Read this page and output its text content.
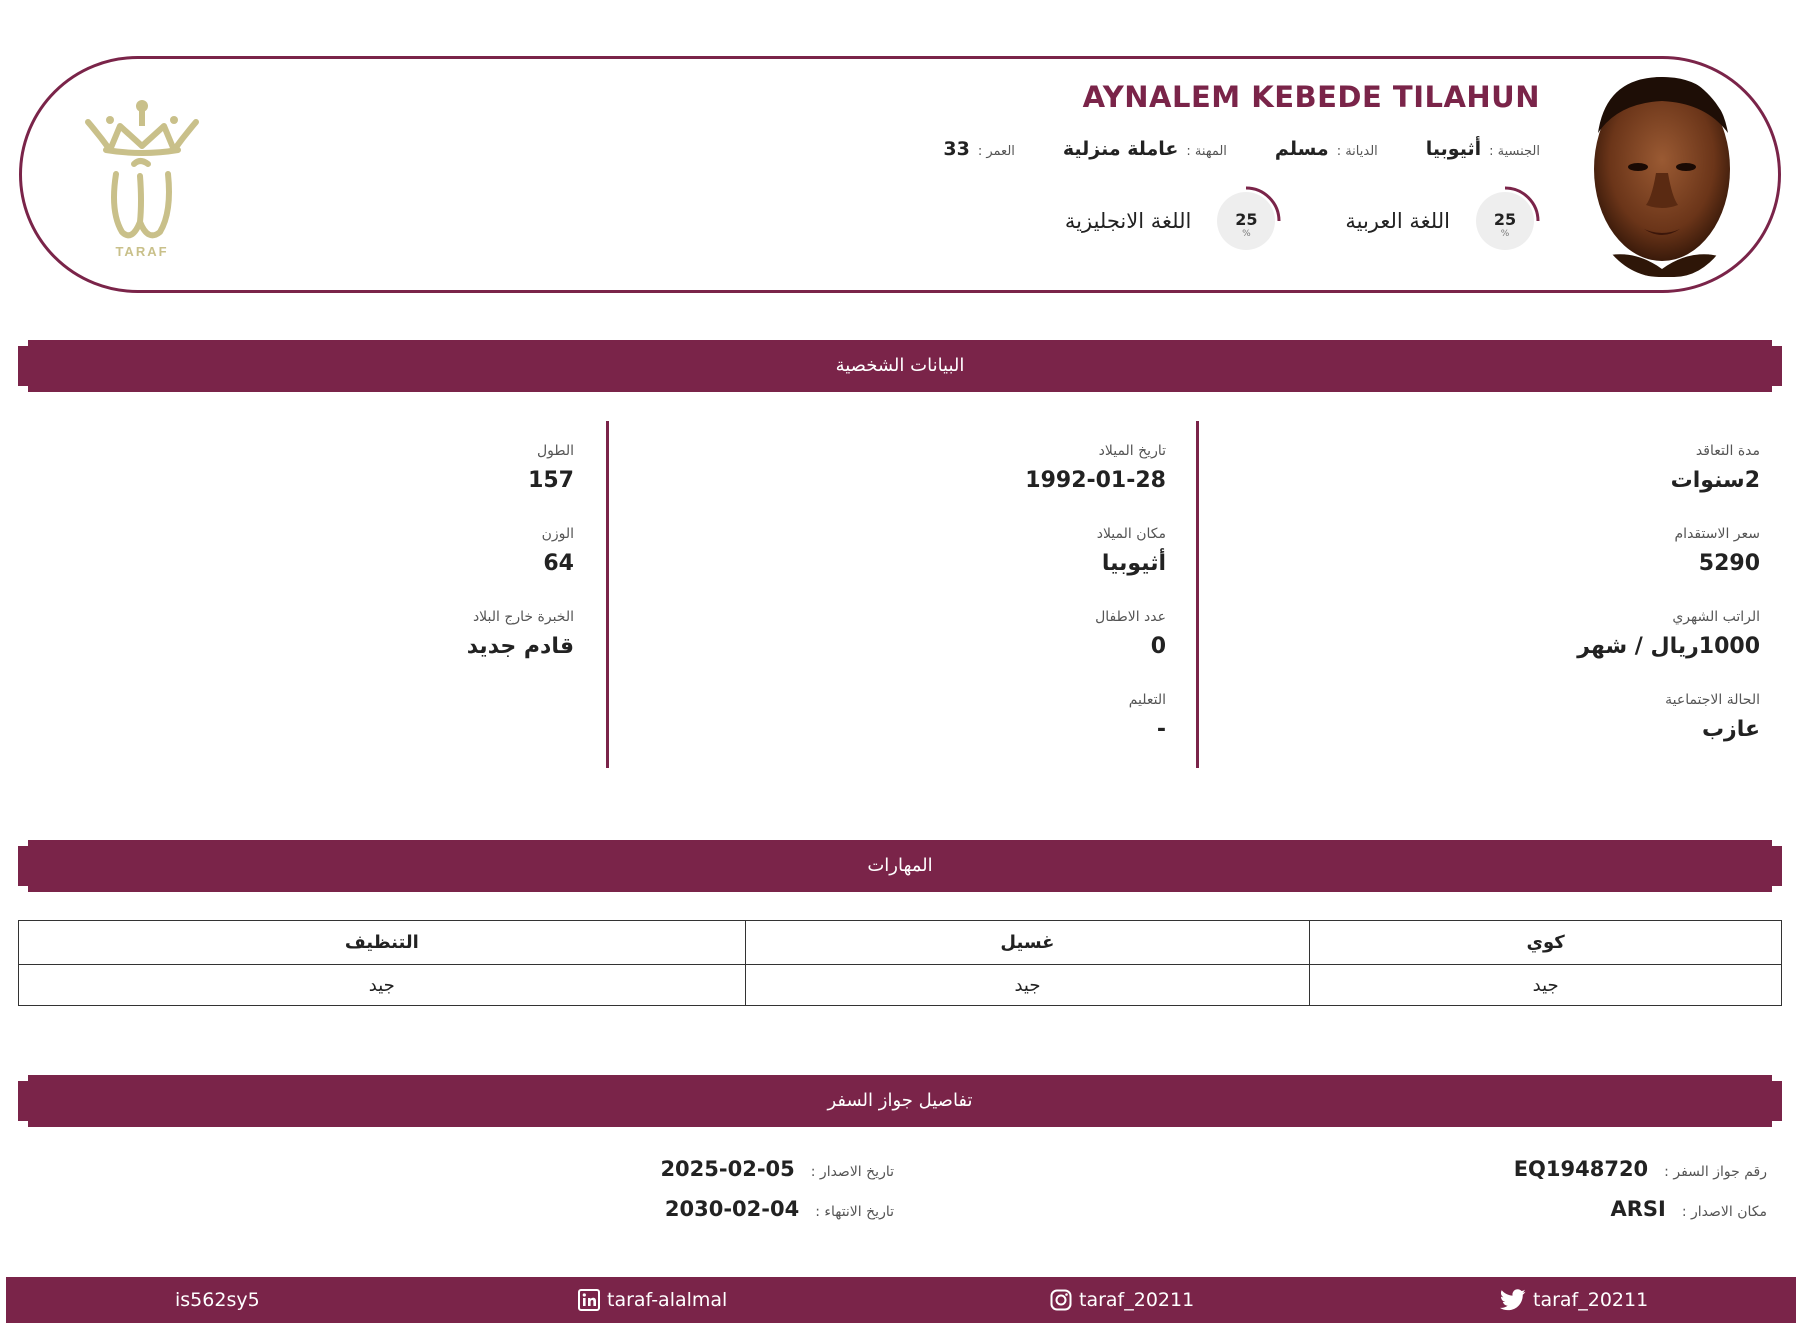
AYNALEM KEBEDE TILAHUN
الجنسية :
أثيوبيا
الديانة :
مسلم
المهنة :
عاملة منزلية
العمر :
33
25
%
اللغة العربية
25
%
اللغة الانجليزية
TARAF
البيانات الشخصية
مدة التعاقد
2سنوات
سعر الاستقدام
5290
الراتب الشهري
1000ريال / شهر
الحالة الاجتماعية
عازب
تاريخ الميلاد
1992-01-28
مكان الميلاد
أثيوبيا
عدد الاطفال
0
التعليم
-
الطول
157
الوزن
64
الخبرة خارج البلاد
قادم جديد
المهارات
كوي	غسيل	التنظيف
جيد	جيد	جيد
تفاصيل جواز السفر
رقم جواز السفر :
EQ1948720
مكان الاصدار :
ARSI
تاريخ الاصدار :
2025-02-05
تاريخ الانتهاء :
2030-02-04
taraf_20211
taraf_20211
taraf-alalmal
is562sy5
